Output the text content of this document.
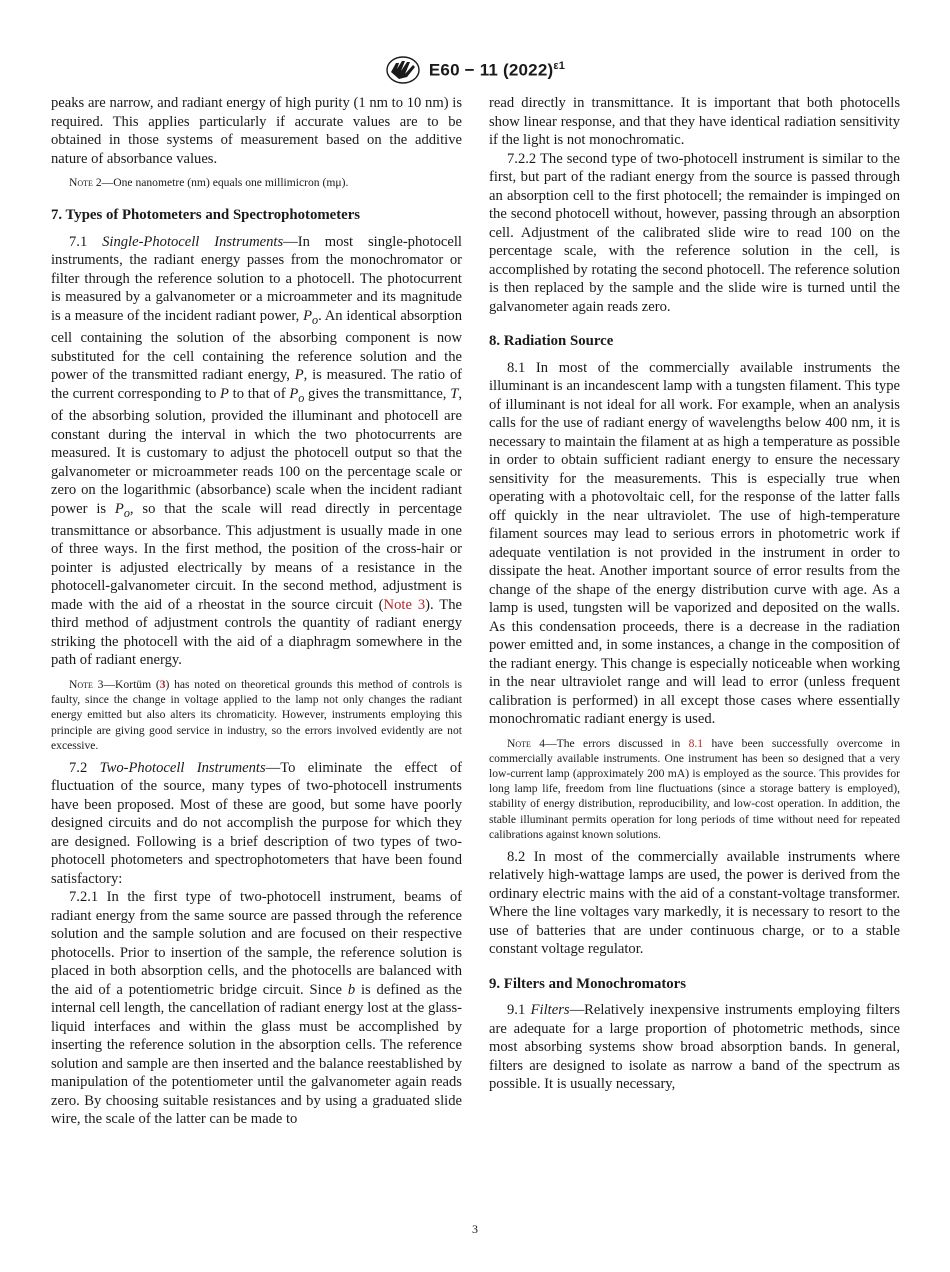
E60 − 11 $(2022)^{\varepsilon 1}$

peaks are narrow, and radiant energy of high purity (1 nm to 10 nm) is required. This applies particularly if accurate values are to be obtained in those systems of measurement based on the additive nature of absorbance values.

Note 2—One nanometre (nm) equals one millimicron (mμ).

7. Types of Photometers and Spectrophotometers

7.1 Single-Photocell Instruments—In most single-photocell instruments, the radiant energy passes from the monochromator or filter through the reference solution to a photocell. The photocurrent is measured by a galvanometer or a microammeter and its magnitude is a measure of the incident radiant power, $P_o$. An identical absorption cell containing the solution of the absorbing component is now substituted for the cell containing the reference solution and the power of the transmitted radiant energy, P, is measured. The ratio of the current corresponding to P to that of $P_o$ gives the transmittance, T, of the absorbing solution, provided the illuminant and photocell are constant during the interval in which the two photocurrents are measured. It is customary to adjust the photocell output so that the galvanometer or microammeter reads 100 on the percentage scale or zero on the logarithmic (absorbance) scale when the incident radiant power is $P_o$, so that the scale will read directly in percentage transmittance or absorbance. This adjustment is usually made in one of three ways. In the first method, the position of the cross-hair or pointer is adjusted electrically by means of a resistance in the photocell-galvanometer circuit. In the second method, adjustment is made with the aid of a rheostat in the source circuit (Note 3). The third method of adjustment controls the quantity of radiant energy striking the photocell with the aid of a diaphragm somewhere in the path of radiant energy.

Note 3—Kortüm (3) has noted on theoretical grounds this method of controls is faulty, since the change in voltage applied to the lamp not only changes the radiant energy emitted but also alters its chromaticity. However, instruments employing this principle are giving good service in industry, so the errors involved evidently are not excessive.

7.2 Two-Photocell Instruments—To eliminate the effect of fluctuation of the source, many types of two-photocell instruments have been proposed. Most of these are good, but some have poorly designed circuits and do not accomplish the purpose for which they are designed. Following is a brief description of two types of two-photocell photometers and spectrophotometers that have been found satisfactory:

7.2.1 In the first type of two-photocell instrument, beams of radiant energy from the same source are passed through the reference solution and the sample solution and are focused on their respective photocells. Prior to insertion of the sample, the reference solution is placed in both absorption cells, and the photocells are balanced with the aid of a potentiometric bridge circuit. Since b is defined as the internal cell length, the cancellation of radiant energy lost at the glass-liquid interfaces and within the glass must be accomplished by inserting the reference solution in the absorption cells. The reference solution and sample are then inserted and the balance reestablished by manipulation of the potentiometer until the galvanometer again reads zero. By choosing suitable resistances and by using a graduated slide wire, the scale of the latter can be made to

read directly in transmittance. It is important that both photocells show linear response, and that they have identical radiation sensitivity if the light is not monochromatic.

7.2.2 The second type of two-photocell instrument is similar to the first, but part of the radiant energy from the source is passed through an absorption cell to the first photocell; the remainder is impinged on the second photocell without, however, passing through an absorption cell. Adjustment of the calibrated slide wire to read 100 on the percentage scale, with the reference solution in the cell, is accomplished by rotating the second photocell. The reference solution is then replaced by the sample and the slide wire is turned until the galvanometer again reads zero.

8. Radiation Source

8.1 In most of the commercially available instruments the illuminant is an incandescent lamp with a tungsten filament. This type of illuminant is not ideal for all work. For example, when an analysis calls for the use of radiant energy of wavelengths below 400 nm, it is necessary to maintain the filament at as high a temperature as possible in order to obtain sufficient radiant energy to ensure the necessary sensitivity for the measurements. This is especially true when operating with a photovoltaic cell, for the response of the latter falls off quickly in the near ultraviolet. The use of high-temperature filament sources may lead to serious errors in photometric work if adequate ventilation is not provided in the instrument in order to dissipate the heat. Another important source of error results from the change of the shape of the energy distribution curve with age. As a lamp is used, tungsten will be vaporized and deposited on the walls. As this condensation proceeds, there is a decrease in the radiation power emitted and, in some instances, a change in the composition of the radiant energy. This change is especially noticeable when working in the near ultraviolet range and will lead to error (unless frequent calibration is performed) in all except those cases where essentially monochromatic radiant energy is used.

Note 4—The errors discussed in 8.1 have been successfully overcome in commercially available instruments. One instrument has been so designed that a very low-current lamp (approximately 200 mA) is employed as the source. This provides for long lamp life, freedom from line fluctuations (since a storage battery is employed), stability of energy distribution, reproducibility, and low-cost operation. In addition, the stable illuminant permits operation for long periods of time without need for repeated calibrations against known solutions.

8.2 In most of the commercially available instruments where relatively high-wattage lamps are used, the power is derived from the ordinary electric mains with the aid of a constant-voltage transformer. Where the line voltages vary markedly, it is necessary to resort to the use of batteries that are under continuous charge, or to a stable constant voltage regulator.

9. Filters and Monochromators

9.1 Filters—Relatively inexpensive instruments employing filters are adequate for a large proportion of photometric methods, since most absorbing systems show broad absorption bands. In general, filters are designed to isolate as narrow a band of the spectrum as possible. It is usually necessary,

3
